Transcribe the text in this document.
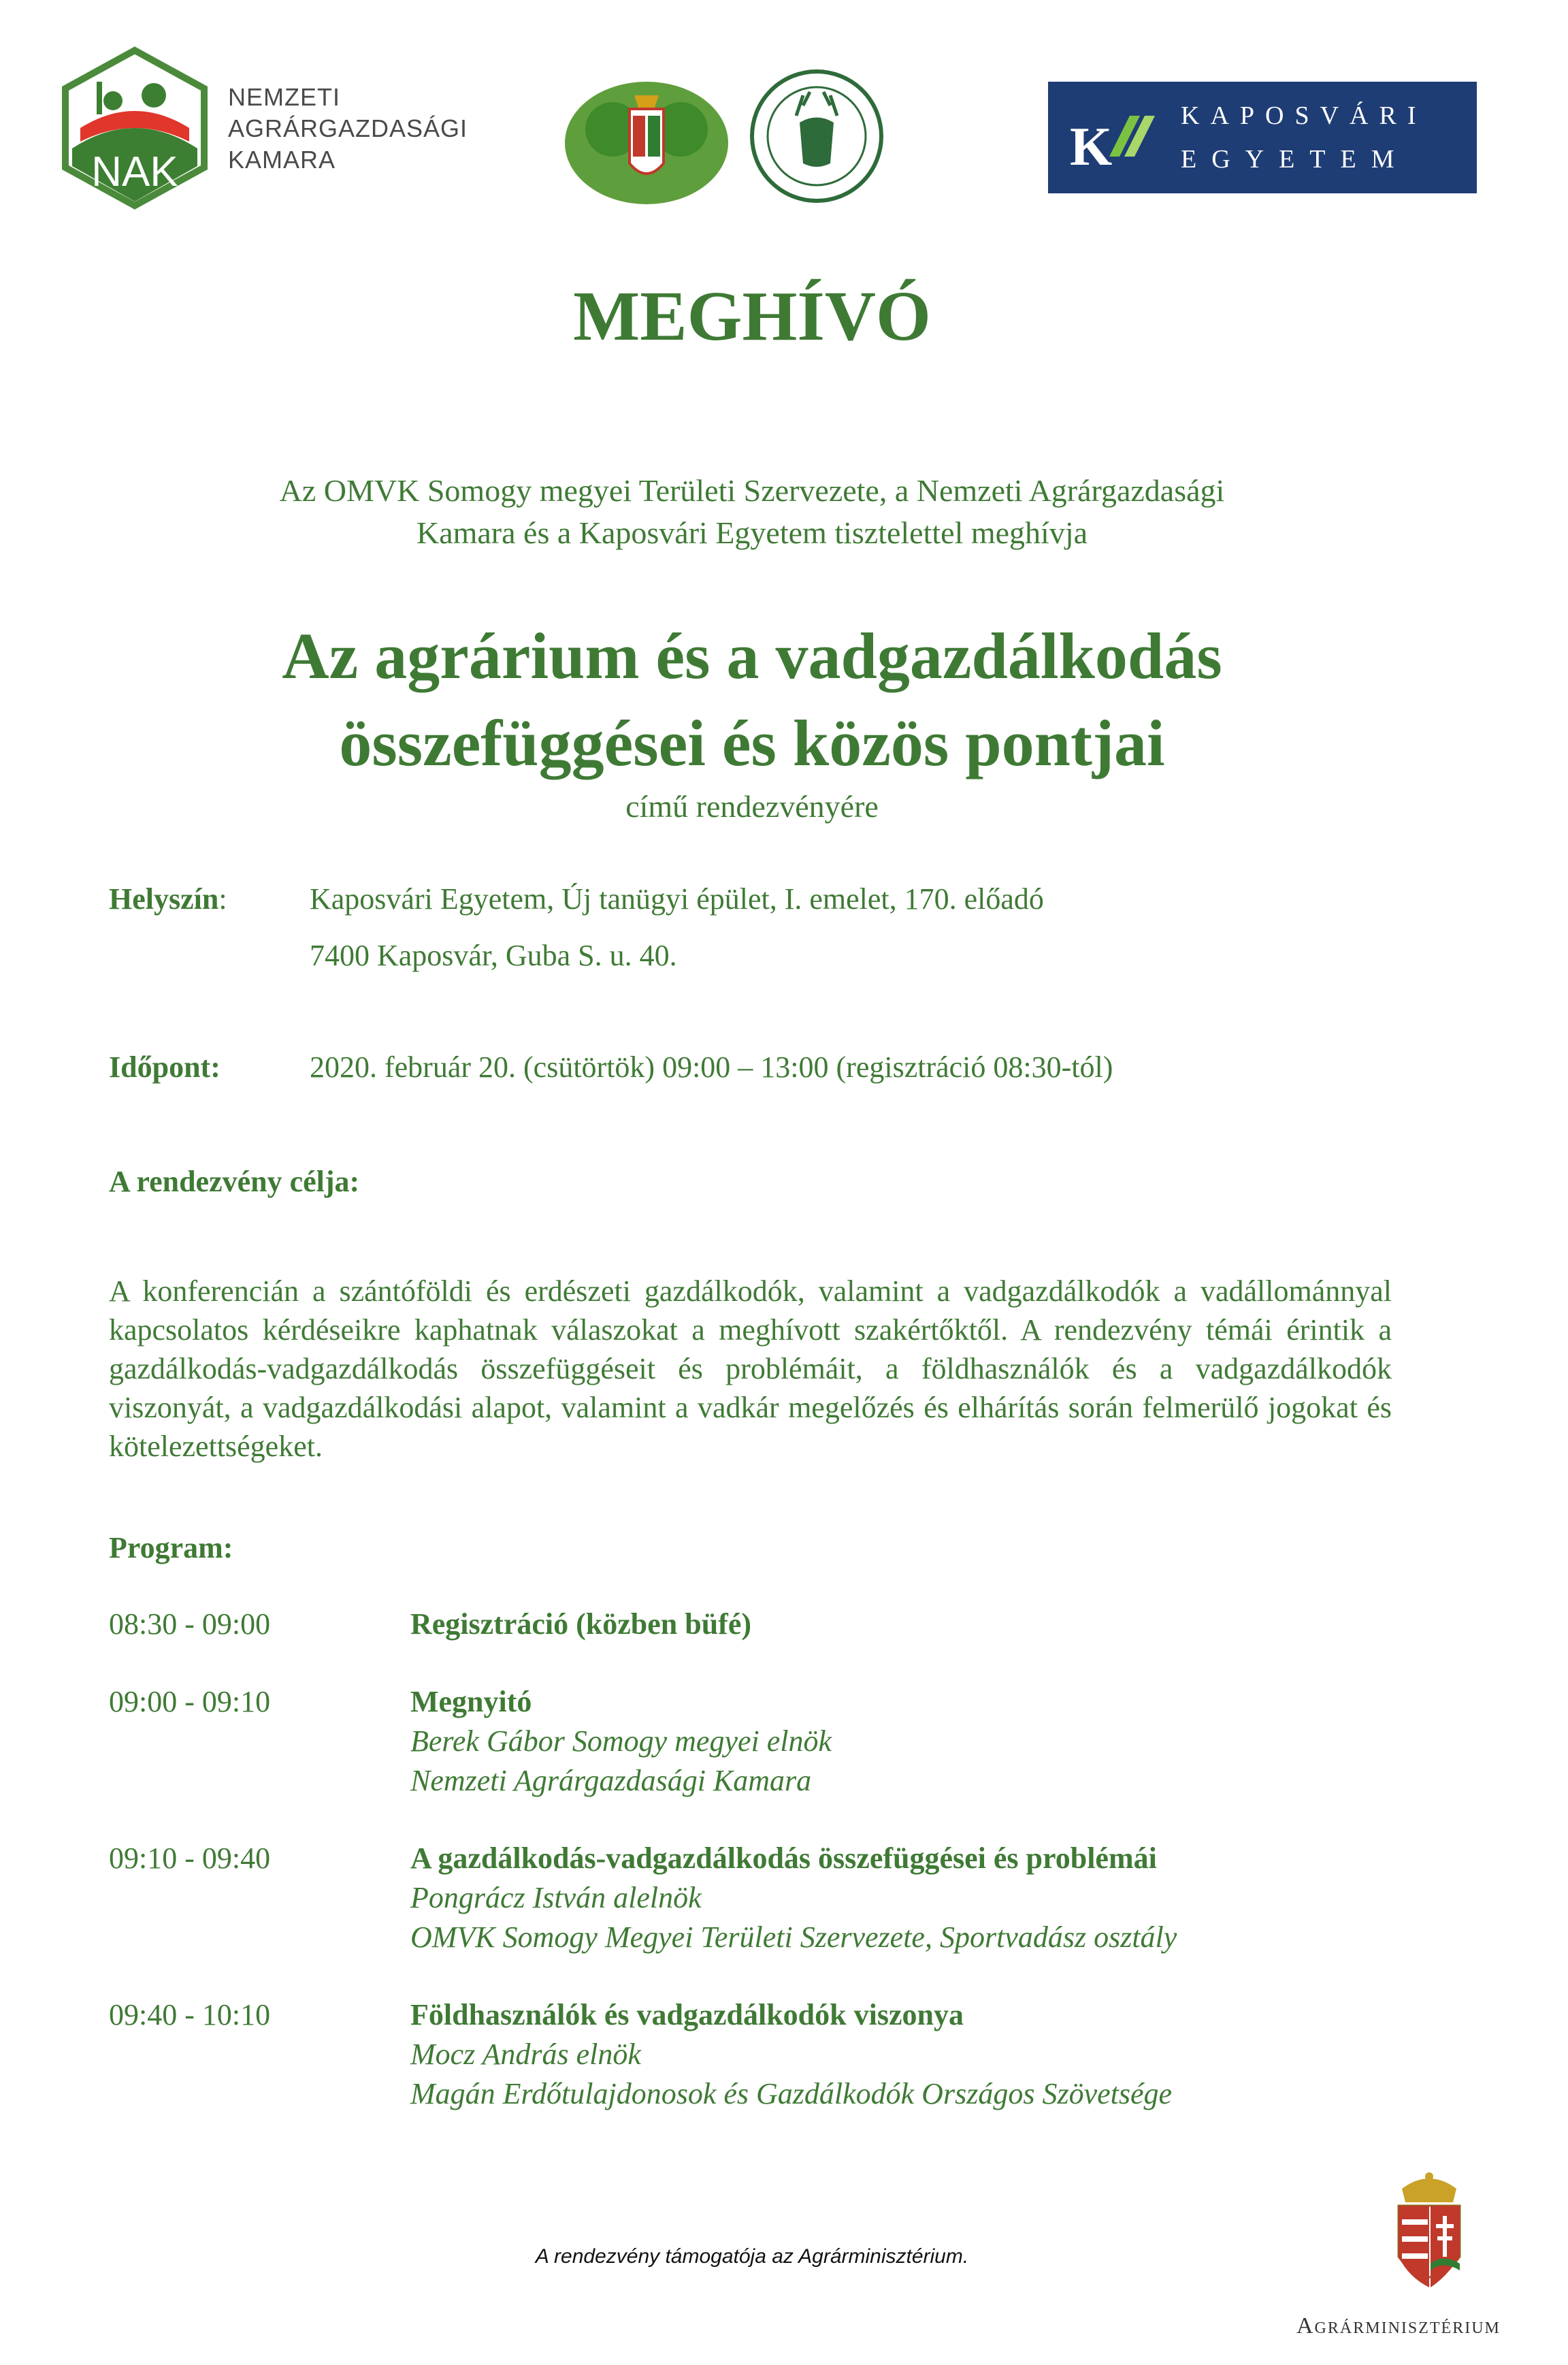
NAK
NEMZETI
AGRÁRGAZDASÁGI
KAMARA	K
KAPOSVÁRI
EGYETEM
MEGHÍVÓ
Az OMVK Somogy megyei Területi Szervezete, a Nemzeti Agrárgazdasági
Kamara és a Kaposvári Egyetem tisztelettel meghívja
Az agrárium és a vadgazdálkodás
összefüggései és közös pontjai
című rendezvényére
Helyszín:	Kaposvári Egyetem, Új tanügyi épület, I. emelet, 170. előadó
7400 Kaposvár, Guba S. u. 40.
Időpont:	2020. február 20. (csütörtök) 09:00 – 13:00 (regisztráció 08:30-tól)
A rendezvény célja:
A konferencián a szántóföldi és erdészeti gazdálkodók, valamint a vadgazdálkodók a vadállománnyal kapcsolatos kérdéseikre kaphatnak válaszokat a meghívott szakértőktől. A rendezvény témái érintik a gazdálkodás-vadgazdálkodás összefüggéseit és problémáit, a földhasználók és a vadgazdálkodók viszonyát, a vadgazdálkodási alapot, valamint a vadkár megelőzés és elhárítás során felmerülő jogokat és kötelezettségeket.
Program:
08:30 - 09:00	Regisztráció (közben büfé)
09:00 - 09:10	Megnyitó
Berek Gábor Somogy megyei elnök
Nemzeti Agrárgazdasági Kamara
09:10 - 09:40	A gazdálkodás-vadgazdálkodás összefüggései és problémái
Pongrácz István alelnök
OMVK Somogy Megyei Területi Szervezete, Sportvadász osztály
09:40 - 10:10	Földhasználók és vadgazdálkodók viszonya
Mocz András elnök
Magán Erdőtulajdonosok és Gazdálkodók Országos Szövetsége
A rendezvény támogatója az Agrárminisztérium.
Agrárminisztérium
